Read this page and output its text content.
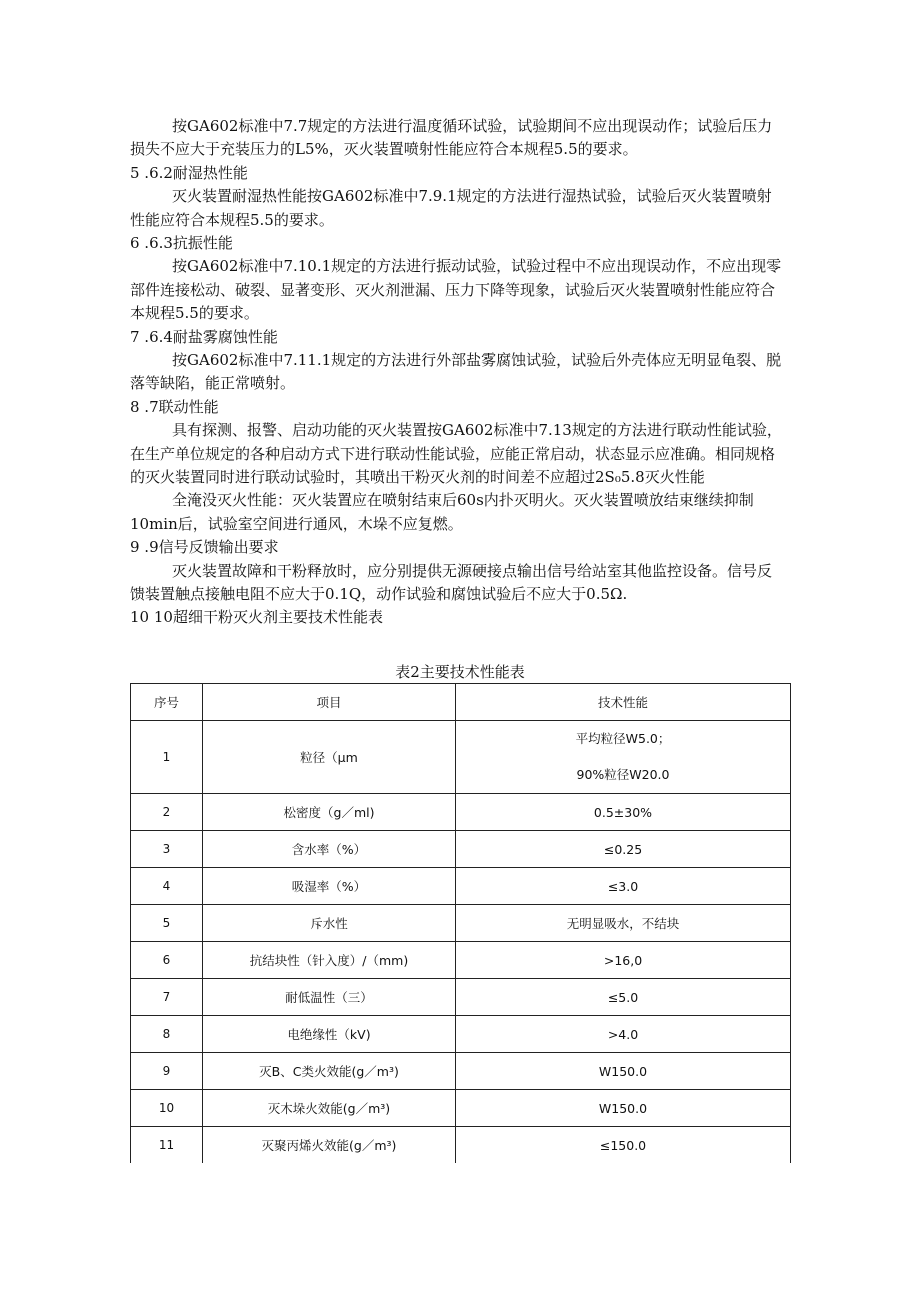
按GA602标准中7.7规定的方法进行温度循环试验，试验期间不应出现误动作；试验后压力
损失不应大于充装压力的L5%，灭火装置喷射性能应符合本规程5.5的要求。
5 .6.2耐湿热性能
灭火装置耐湿热性能按GA602标准中7.9.1规定的方法进行湿热试验，试验后灭火装置喷射
性能应符合本规程5.5的要求。
6 .6.3抗振性能
按GA602标准中7.10.1规定的方法进行振动试验，试验过程中不应出现误动作，不应出现零
部件连接松动、破裂、显著变形、灭火剂泄漏、压力下降等现象，试验后灭火装置喷射性能应符合
本规程5.5的要求。
7 .6.4耐盐雾腐蚀性能
按GA602标准中7.11.1规定的方法进行外部盐雾腐蚀试验，试验后外壳体应无明显龟裂、脱
落等缺陷，能正常喷射。
8 .7联动性能
具有探测、报警、启动功能的灭火装置按GA602标准中7.13规定的方法进行联动性能试验，
在生产单位规定的各种启动方式下进行联动性能试验，应能正常启动，状态显示应准确。相同规格
的灭火装置同时进行联动试验时，其喷出干粉灭火剂的时间差不应超过2S₀5.8灭火性能
全淹没灭火性能：灭火装置应在喷射结束后60s内扑灭明火。灭火装置喷放结束继续抑制
10min后，试验室空间进行通风，木垛不应复燃。
9 .9信号反馈输出要求
灭火装置故障和干粉释放时，应分别提供无源硬接点输出信号给站室其他监控设备。信号反
馈装置触点接触电阻不应大于0.1Q，动作试验和腐蚀试验后不应大于0.5Ω.
10 10超细干粉灭火剂主要技术性能表
表2主要技术性能表
序号	项目	技术性能
1	粒径（μm	平均粒径W5.0；
90%粒径W20.0

2	松密度（g／ml)	0.5±30%
3	含水率（%）	≤0.25
4	吸湿率（%）	≤3.0
5	斥水性	无明显吸水，不结块
6	抗结块性（针入度）/（mm)	>16,0
7	耐低温性（三）	≤5.0
8	电绝缘性（kV)	>4.0
9	灭B、C类火效能(g／m³)	W150.0
10	灭木垛火效能(g／m³)	W150.0
11	灭聚丙烯火效能(g／m³)	≤150.0
